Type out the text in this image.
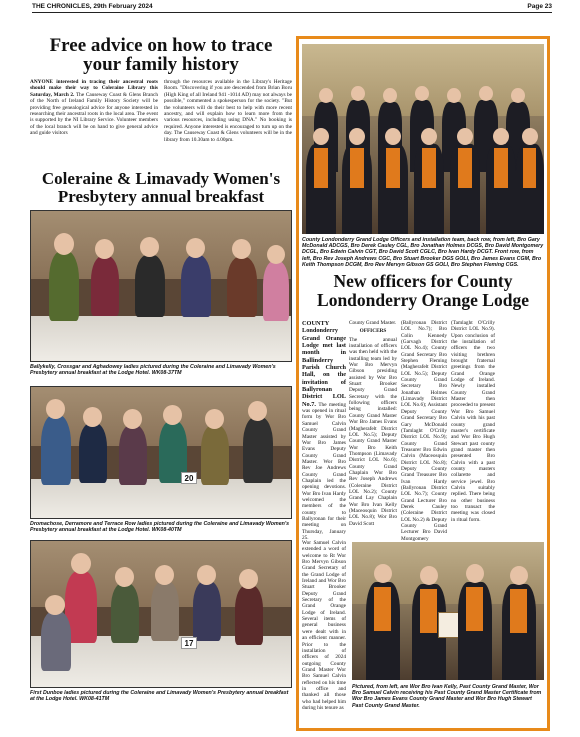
THE CHRONICLES, 29th February 2024	Page 23
Free advice on how to trace your family history
ANYONE interested in tracing their ancestral roots should make their way to Coleraine Library this Saturday, March 2. The Causeway Coast & Glens Branch of the North of Ireland Family History Society will be providing free genealogical advice for anyone interested in researching their ancestral roots in the local area. The event is supported by the NI Library Service. Volunteer members of the local branch will be on hand to give general advice and guide visitors
through the resources available in the Library's Heritage Room. "Discovering if you are descended from Brian Boru (High King of all Ireland 941 -1014 AD) may not always be possible," commented a spokesperson for the society. "But the volunteers will do their best to help with more recent ancestry, and will explain how to learn more from the various resources, including using DNA." No booking is required. Anyone interested is encouraged to turn up on the day. The Causeway Coast & Glens volunteers will be in the library from 10.30am to 4.00pm.
Coleraine & Limavady Women's Presbytery annual breakfast
Ballykelly, Crossgar and Aghadowey ladies pictured during the Coleraine and Limavady Women's Presbytery annual breakfast at the Lodge Hotel. WK08-37TM
20
Dromachose, Derramore and Terrace Row ladies pictured during the Coleraine and Limavady Women's Presbytery annual breakfast at the Lodge Hotel. WK08-40TM
17
First Dunboe ladies pictured during the Coleraine and Limavady Women's Presbytery annual breakfast at the Lodge Hotel. WK08-41TM
County Londonderry Grand Lodge Officers and installation team, back row, from left, Bro Gary McDonald ADCGS, Bro Derek Cauley CGL, Bro Jonathan Holmes DCGS, Bro David Montgomery DCGL, Bro Edwin Calvin CGT, Bro David Scott CGLC, Bro Ivan Hardy DCGT. Front row, from left, Bro Rev Joseph Andrews CGC, Bro Stuart Brooker DGS GOLI, Bro James Evans CGM, Bro Keith Thompson DCGM, Bro Rev Mervyn Gibson GS GOLI, Bro Stephen Fleming CGS.
New officers for County Londonderry Orange Lodge
COUNTY Londonderry Grand Orange Lodge met last month in Ballinderry Parish Church Hall, on the invitation of Ballyronan District LOL No.7. The meeting was opened in ritual form by Wor Bro Samuel Calvin County Grand Master assisted by Wor Bro James Evans Deputy County Grand Master. Wor Bro Rev Joe Andrews County Grand Chaplain led the opening devotions. Wor Bro Ivan Hardy welcomed the members of the county to Ballyronan for their meeting on Thursday, January 25.
County Grand Master.
OFFICERS
The annual installation of officers was then held with the installing team led by Wor Bro Mervyn Gibson presiding assisted by Wor Bro Stuart Brooker Deputy Grand Secretary with the following officers being installed: County Grand Master Wor Bro James Evans (Magherafelt District LOL No.5); Deputy County Grand Master Wor Bro Keith Thompson (Limavady District LOL No.6); County Grand Chaplain Wor Bro Rev Joseph Andrews (Coleraine District LOL No.2); County Grand Lay Chaplain Wor Bro Ivan Kelly (Maceosquin District LOL No.8); Wor Bro David Scott
(Ballyronan District LOL No.7); Bro Colin Kennedy (Garvagh District LOL No.4); County Grand Secretary Bro Stephen Fleming (Magherafelt District LOL No.5); Deputy County Grand Secretary Bro Jonathan Holmes (Limavady District LOL No.6); Assistant Deputy County Grand Secretary Bro Gary McDonald (Tamlaght O'Crilly District LOL No.9); County Grand Treasurer Bro Edwin Calvin (Maceosquin District LOL No.8); Deputy County Grand Treasurer Bro Ivan Hardy (Ballyronan District LOL No.7); County Grand Lecturer Bro Derek Cauley (Coleraine District LOL No.2) & Deputy County Grand Lecturer Bro David Montgomery
(Tamlaght O'Crilly District LOL No.9). Upon conclusion of the installation of officers the two visiting brethren brought fraternal greetings from the Grand Orange Lodge of Ireland. Newly installed County Grand Master then proceeded to present Wor Bro Samuel Calvin with his past county grand master's certificate and Wor Bro Hugh Stewart past county grand master then presented Bro Calvin with a past county masters collarette and service jewel. Bro Calvin suitably replied. There being no other business too transact the meeting was closed in ritual form.
Wor Samuel Calvin extended a word of welcome to Rt Wor Bro Mervyn Gibson Grand Secretary of the Grand Lodge of Ireland and Wor Bro Stuart Brooker Deputy Grand Secretary of the Grand Orange Lodge of Ireland. Several items of general business were dealt with in an efficient manner. Prior to the installation of officers of 2024 outgoing County Grand Master Wor Bro Samuel Calvin reflected on his time in office and thanked all those who had helped him during his tenure as
Pictured, from left, are Wor Bro Ivan Kelly, Past County Grand Master, Wor Bro Samuel Calvin receiving his Past County Grand Master Certificate from Wor Bro James Evans County Grand Master and Wor Bro Hugh Stewart Past County Grand Master.
